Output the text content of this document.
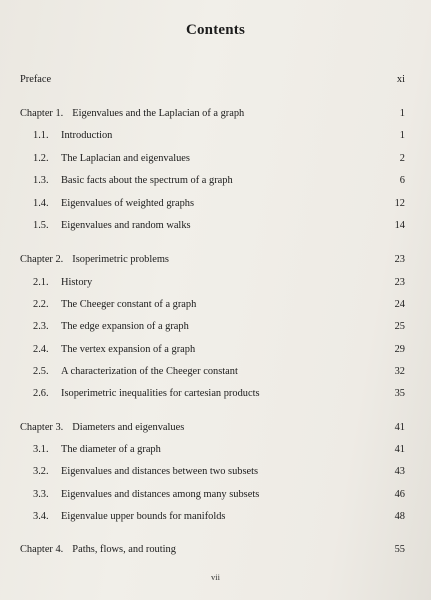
Contents
Preface	xi
Chapter 1. Eigenvalues and the Laplacian of a graph	1
1.1.	Introduction	1
1.2.	The Laplacian and eigenvalues	2
1.3.	Basic facts about the spectrum of a graph	6
1.4.	Eigenvalues of weighted graphs	12
1.5.	Eigenvalues and random walks	14
Chapter 2. Isoperimetric problems	23
2.1.	History	23
2.2.	The Cheeger constant of a graph	24
2.3.	The edge expansion of a graph	25
2.4.	The vertex expansion of a graph	29
2.5.	A characterization of the Cheeger constant	32
2.6.	Isoperimetric inequalities for cartesian products	35
Chapter 3. Diameters and eigenvalues	41
3.1.	The diameter of a graph	41
3.2.	Eigenvalues and distances between two subsets	43
3.3.	Eigenvalues and distances among many subsets	46
3.4.	Eigenvalue upper bounds for manifolds	48
Chapter 4. Paths, flows, and routing	55
vii
